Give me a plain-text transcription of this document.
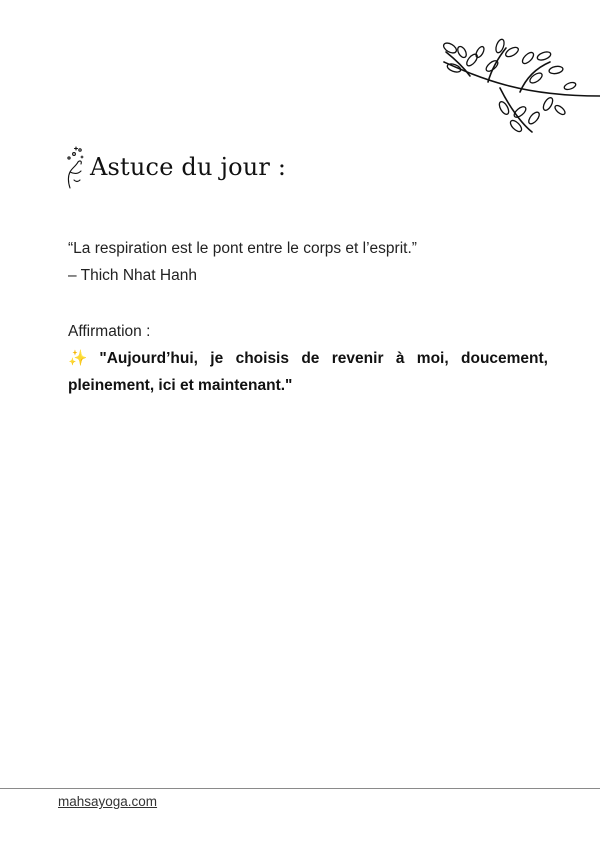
Astuce du jour :
“La respiration est le pont entre le corps et l’esprit.”
– Thich Nhat Hanh
Affirmation :
✨ "Aujourd’hui, je choisis de revenir à moi, doucement, pleinement, ici et maintenant."
mahsayoga.com
